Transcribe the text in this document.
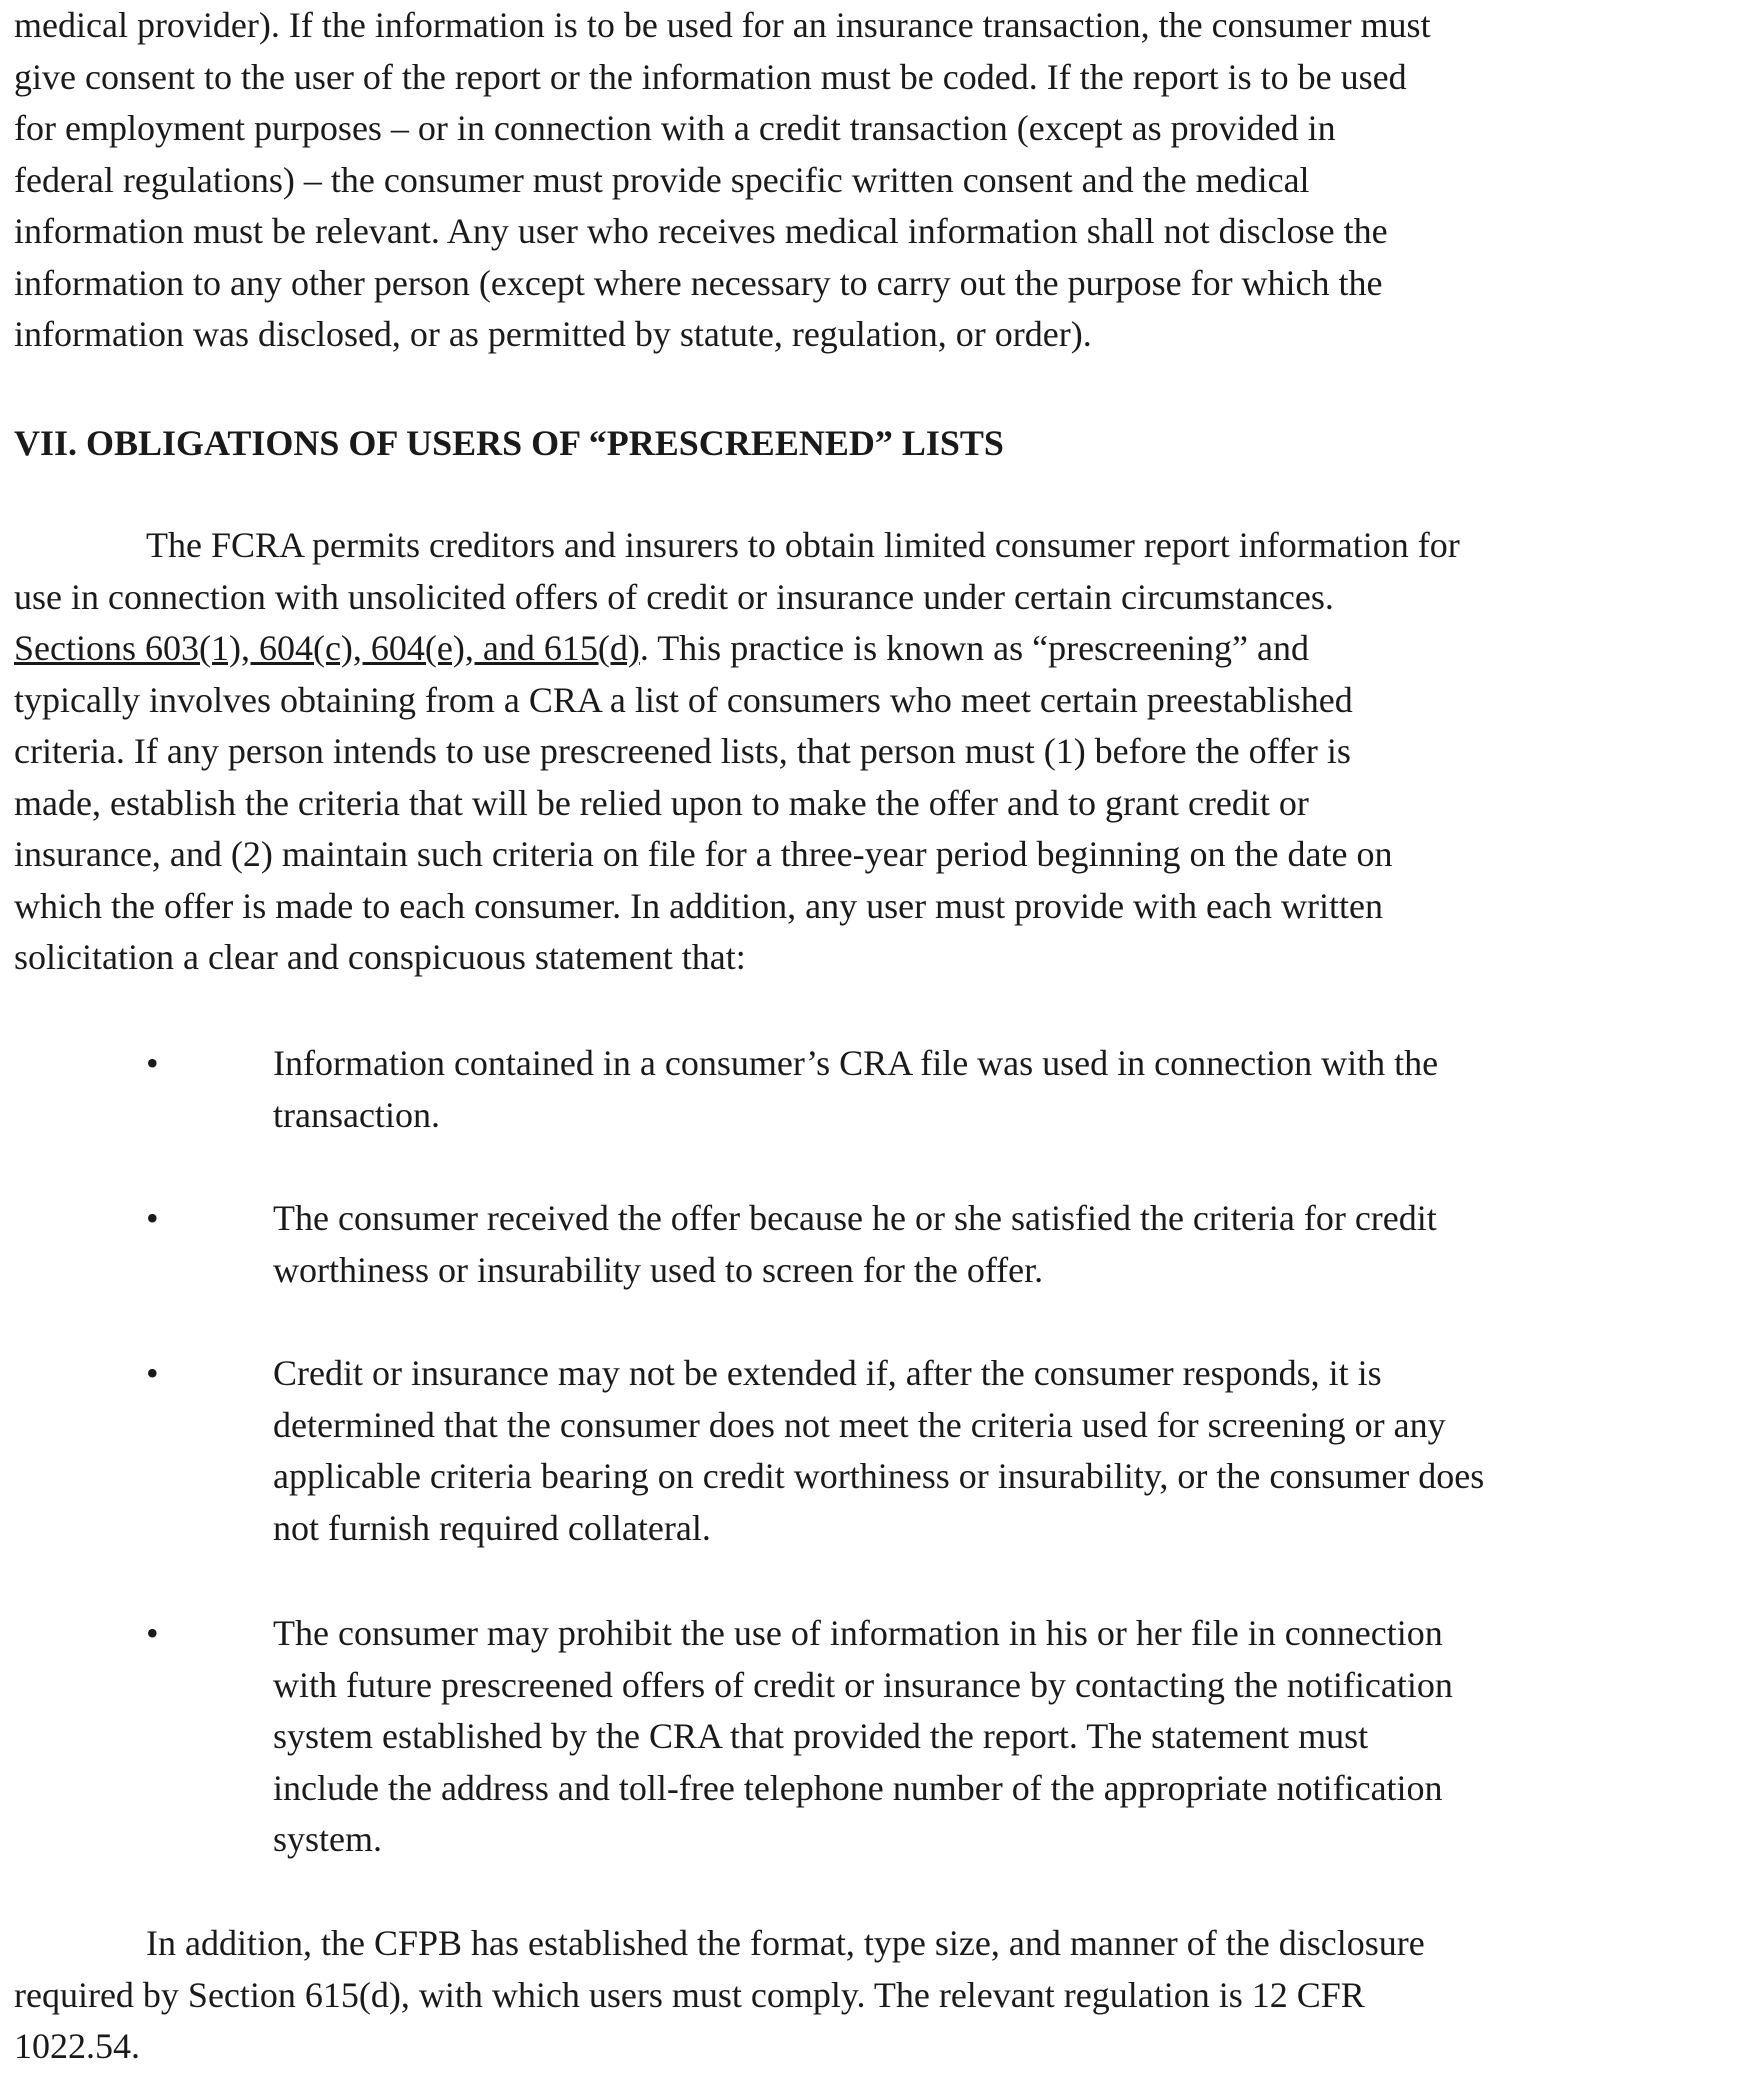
medical provider). If the information is to be used for an insurance transaction, the consumer must
give consent to the user of the report or the information must be coded. If the report is to be used
for employment purposes – or in connection with a credit transaction (except as provided in
federal regulations) – the consumer must provide specific written consent and the medical
information must be relevant. Any user who receives medical information shall not disclose the
information to any other person (except where necessary to carry out the purpose for which the
information was disclosed, or as permitted by statute, regulation, or order).

VII. OBLIGATIONS OF USERS OF “PRESCREENED” LISTS

The FCRA permits creditors and insurers to obtain limited consumer report information for
use in connection with unsolicited offers of credit or insurance under certain circumstances.
Sections 603(1), 604(c), 604(e), and 615(d). This practice is known as “prescreening” and
typically involves obtaining from a CRA a list of consumers who meet certain preestablished
criteria. If any person intends to use prescreened lists, that person must (1) before the offer is
made, establish the criteria that will be relied upon to make the offer and to grant credit or
insurance, and (2) maintain such criteria on file for a three-year period beginning on the date on
which the offer is made to each consumer. In addition, any user must provide with each written
solicitation a clear and conspicuous statement that:

•	Information contained in a consumer’s CRA file was used in connection with the
transaction.
•	The consumer received the offer because he or she satisfied the criteria for credit
worthiness or insurability used to screen for the offer.
•	Credit or insurance may not be extended if, after the consumer responds, it is
determined that the consumer does not meet the criteria used for screening or any
applicable criteria bearing on credit worthiness or insurability, or the consumer does
not furnish required collateral.
•	The consumer may prohibit the use of information in his or her file in connection
with future prescreened offers of credit or insurance by contacting the notification
system established by the CRA that provided the report. The statement must
include the address and toll-free telephone number of the appropriate notification
system.

In addition, the CFPB has established the format, type size, and manner of the disclosure
required by Section 615(d), with which users must comply. The relevant regulation is 12 CFR
1022.54.
